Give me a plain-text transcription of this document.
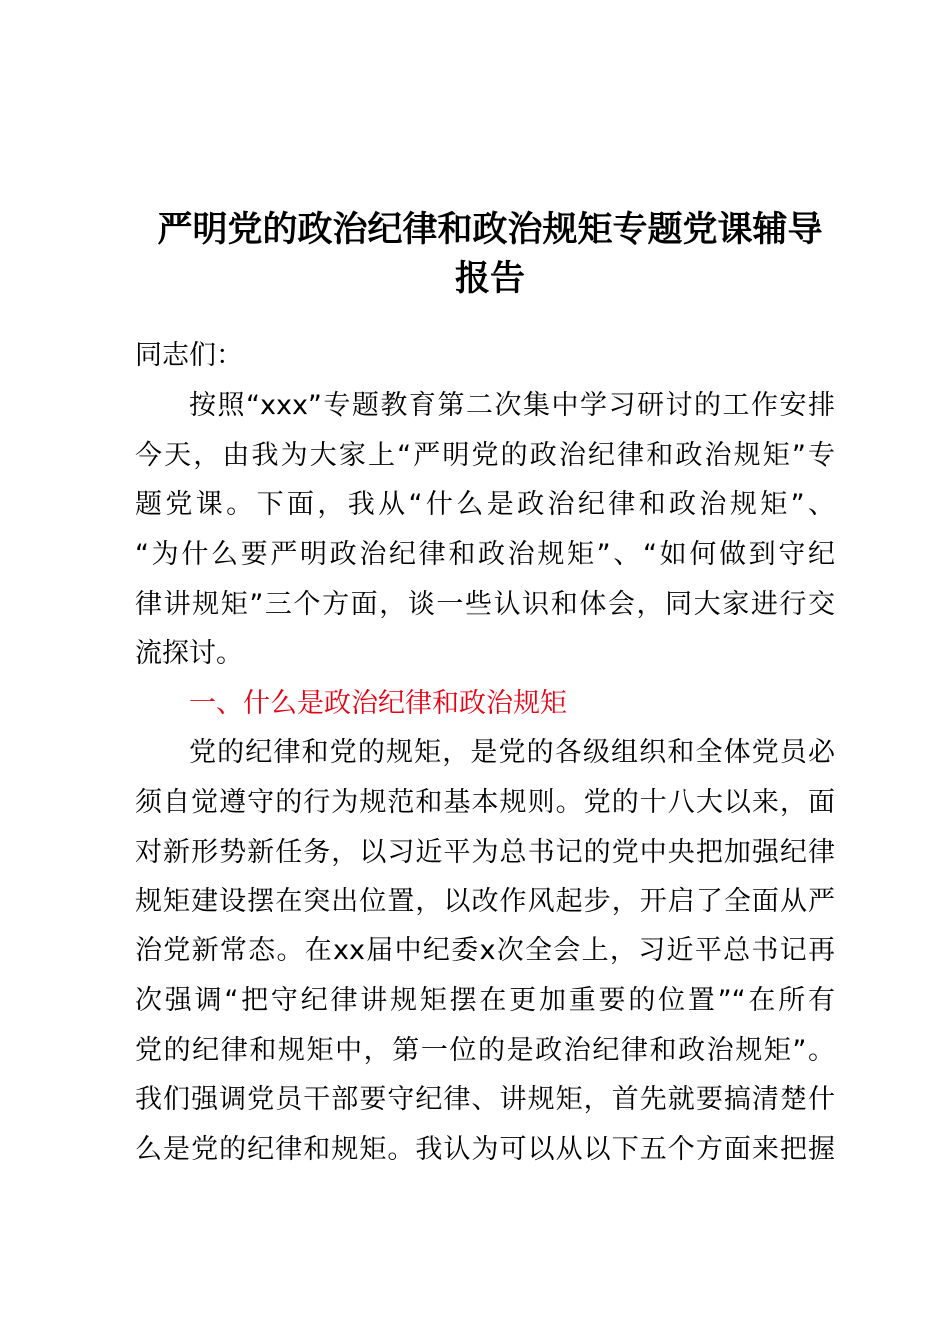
严明党的政治纪律和政治规矩专题党课辅导
报告
同志们：
按照“xxx”专题教育第二次集中学习研讨的工作安排
今天，由我为大家上“严明党的政治纪律和政治规矩”专
题党课。下面，我从“什么是政治纪律和政治规矩”、
“为什么要严明政治纪律和政治规矩”、“如何做到守纪
律讲规矩”三个方面，谈一些认识和体会，同大家进行交
流探讨。
一、什么是政治纪律和政治规矩
党的纪律和党的规矩，是党的各级组织和全体党员必
须自觉遵守的行为规范和基本规则。党的十八大以来，面
对新形势新任务，以习近平为总书记的党中央把加强纪律
规矩建设摆在突出位置，以改作风起步，开启了全面从严
治党新常态。在xx届中纪委x次全会上，习近平总书记再
次强调“把守纪律讲规矩摆在更加重要的位置”“在所有
党的纪律和规矩中，第一位的是政治纪律和政治规矩”。
我们强调党员干部要守纪律、讲规矩，首先就要搞清楚什
么是党的纪律和规矩。我认为可以从以下五个方面来把握
